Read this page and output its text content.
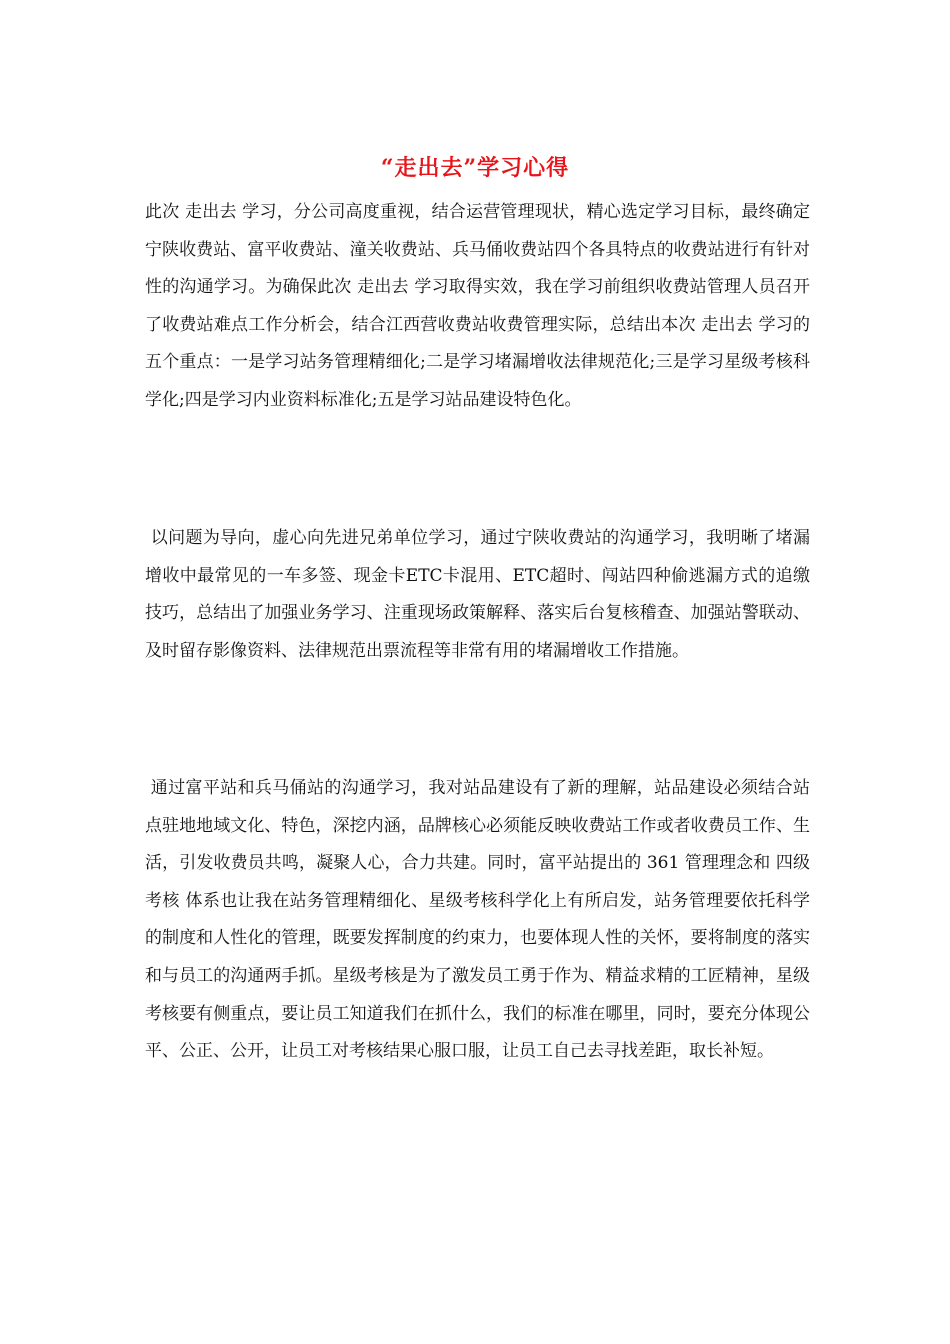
“走出去”学习心得

此次 走出去 学习，分公司高度重视，结合运营管理现状，精心选定学习目标，最终确定宁陕收费站、富平收费站、潼关收费站、兵马俑收费站四个各具特点的收费站进行有针对性的沟通学习。为确保此次 走出去 学习取得实效，我在学习前组织收费站管理人员召开了收费站难点工作分析会，结合江西营收费站收费管理实际，总结出本次 走出去 学习的五个重点：一是学习站务管理精细化;二是学习堵漏增收法律规范化;三是学习星级考核科学化;四是学习内业资料标准化;五是学习站品建设特色化。

以问题为导向，虚心向先进兄弟单位学习，通过宁陕收费站的沟通学习，我明晰了堵漏增收中最常见的一车多签、现金卡ETC卡混用、ETC超时、闯站四种偷逃漏方式的追缴技巧，总结出了加强业务学习、注重现场政策解释、落实后台复核稽查、加强站警联动、及时留存影像资料、法律规范出票流程等非常有用的堵漏增收工作措施。

通过富平站和兵马俑站的沟通学习，我对站品建设有了新的理解，站品建设必须结合站点驻地地域文化、特色，深挖内涵，品牌核心必须能反映收费站工作或者收费员工作、生活，引发收费员共鸣，凝聚人心，合力共建。同时，富平站提出的 361 管理理念和 四级考核 体系也让我在站务管理精细化、星级考核科学化上有所启发，站务管理要依托科学的制度和人性化的管理，既要发挥制度的约束力，也要体现人性的关怀，要将制度的落实和与员工的沟通两手抓。星级考核是为了激发员工勇于作为、精益求精的工匠精神，星级考核要有侧重点，要让员工知道我们在抓什么，我们的标准在哪里，同时，要充分体现公平、公正、公开，让员工对考核结果心服口服，让员工自己去寻找差距，取长补短。
